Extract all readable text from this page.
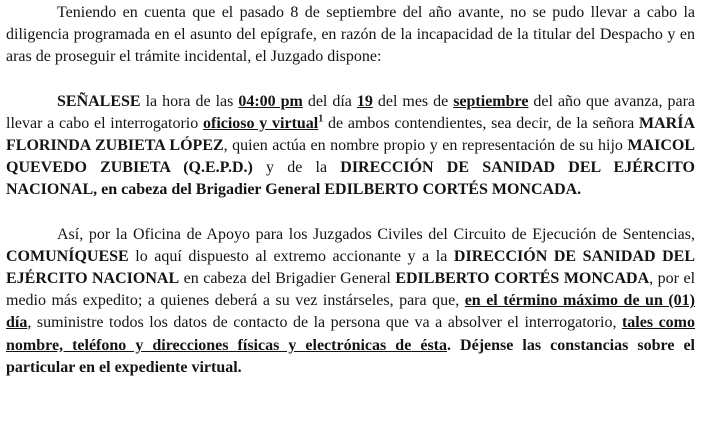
Teniendo en cuenta que el pasado 8 de septiembre del año avante, no se pudo llevar a cabo la diligencia programada en el asunto del epígrafe, en razón de la incapacidad de la titular del Despacho y en aras de proseguir el trámite incidental, el Juzgado dispone:

SEÑALESE la hora de las 04:00 pm del día 19 del mes de septiembre del año que avanza, para llevar a cabo el interrogatorio oficioso y virtual$^1$ de ambos contendientes, sea decir, de la señora MARÍA FLORINDA ZUBIETA LÓPEZ, quien actúa en nombre propio y en representación de su hijo MAICOL QUEVEDO ZUBIETA (Q.E.P.D.) y de la DIRECCIÓN DE SANIDAD DEL EJÉRCITO NACIONAL, en cabeza del Brigadier General EDILBERTO CORTÉS MONCADA.

Así, por la Oficina de Apoyo para los Juzgados Civiles del Circuito de Ejecución de Sentencias, COMUNÍQUESE lo aquí dispuesto al extremo accionante y a la DIRECCIÓN DE SANIDAD DEL EJÉRCITO NACIONAL en cabeza del Brigadier General EDILBERTO CORTÉS MONCADA, por el medio más expedito; a quienes deberá a su vez instárseles, para que, en el término máximo de un (01) día, suministre todos los datos de contacto de la persona que va a absolver el interrogatorio, tales como nombre, teléfono y direcciones físicas y electrónicas de ésta. Déjense las constancias sobre el particular en el expediente virtual.
